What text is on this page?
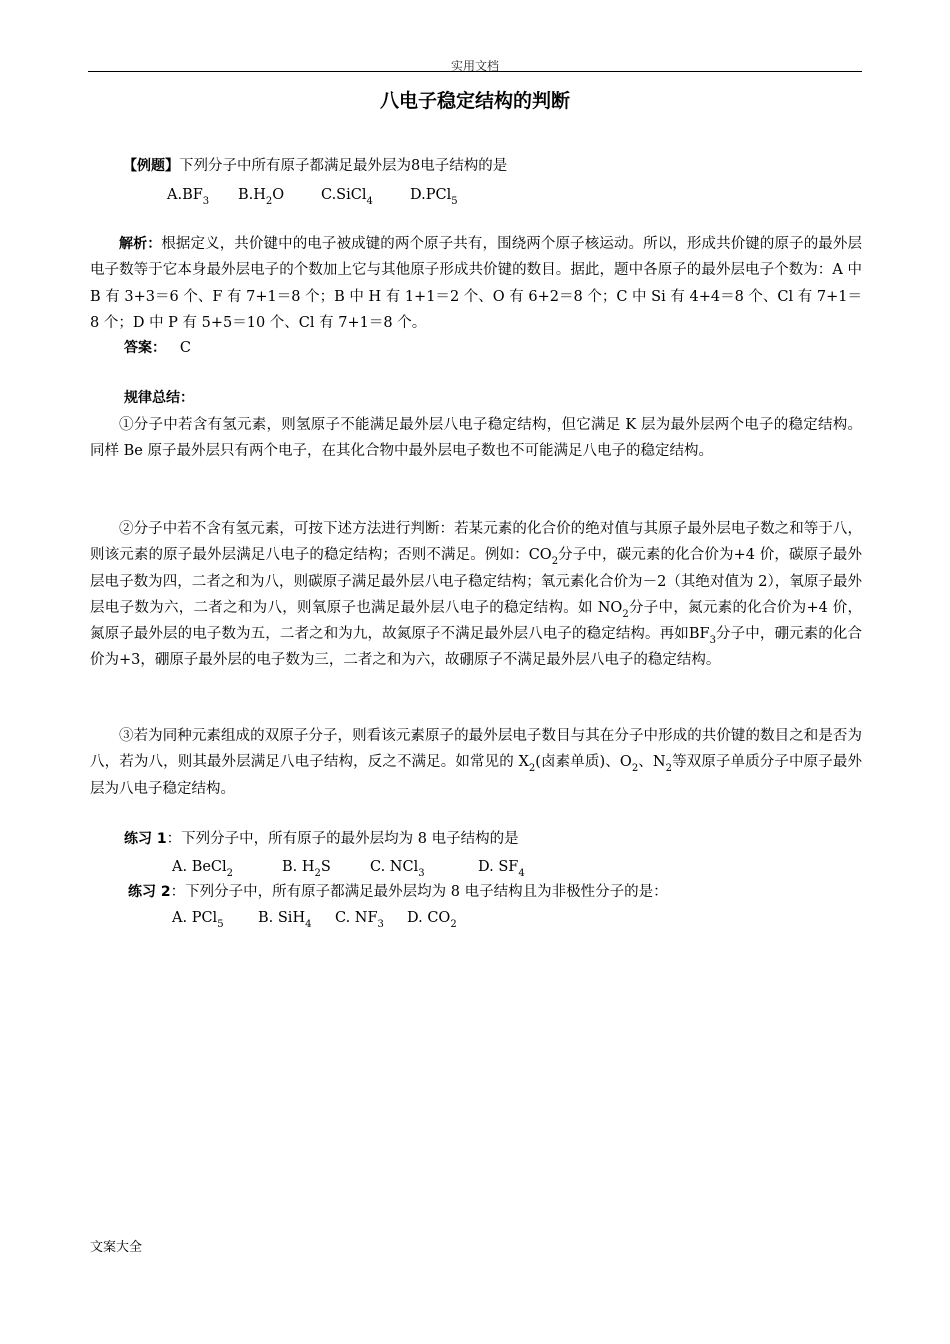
实用文档
八电子稳定结构的判断
【例题】下列分子中所有原子都满足最外层为8电子结构的是
$A.BF_3$ $B.H_2O$	C.SiCl$_4$	D.PCl$_5$
解析：根据定义，共价键中的电子被成键的两个原子共有，围绕两个原子核运动。所以，形成共价键的原子的最外层电子数等于它本身最外层电子的个数加上它与其他原子形成共价键的数目。据此，题中各原子的最外层电子个数为：A 中 B 有 3+3＝6 个、F 有 7+1＝8 个；B 中 H 有 1+1＝2 个、O 有 6+2＝8 个；C 中 Si 有 4+4＝8 个、Cl 有 7+1＝8 个；D 中 P 有 5+5＝10 个、Cl 有 7+1＝8 个。
答案： C
规律总结：
①分子中若含有氢元素，则氢原子不能满足最外层八电子稳定结构，但它满足 K 层为最外层两个电子的稳定结构。同样 Be 原子最外层只有两个电子，在其化合物中最外层电子数也不可能满足八电子的稳定结构。
②分子中若不含有氢元素，可按下述方法进行判断：若某元素的化合价的绝对值与其原子最外层电子数之和等于八，则该元素的原子最外层满足八电子的稳定结构；否则不满足。例如：$CO_2$分子中，碳元素的化合价为+4 价，碳原子最外层电子数为四，二者之和为八，则碳原子满足最外层八电子稳定结构；氧元素化合价为－2（其绝对值为 2），氧原子最外层电子数为六，二者之和为八，则氧原子也满足最外层八电子的稳定结构。如 $NO_2$分子中，氮元素的化合价为+4 价，氮原子最外层的电子数为五，二者之和为九，故氮原子不满足最外层八电子的稳定结构。再如$BF_3$分子中，硼元素的化合价为+3，硼原子最外层的电子数为三，二者之和为六，故硼原子不满足最外层八电子的稳定结构。
③若为同种元素组成的双原子分子，则看该元素原子的最外层电子数目与其在分子中形成的共价键的数目之和是否为八，若为八，则其最外层满足八电子结构，反之不满足。如常见的 $X_2$(卤素单质)、$O_2$、$N_2$等双原子单质分子中原子最外层为八电子稳定结构。
练习 1：下列分子中，所有原子的最外层均为 8 电子结构的是
A. BeCl$_2$	B. $H_2S$	C. NCl$_3$	D. $SF_4$
练习 2：下列分子中，所有原子都满足最外层均为 8 电子结构且为非极性分子的是：
A. PCl$_5$ B. SiH$_4$ C. $NF_3$ D. $CO_2$
文案大全
